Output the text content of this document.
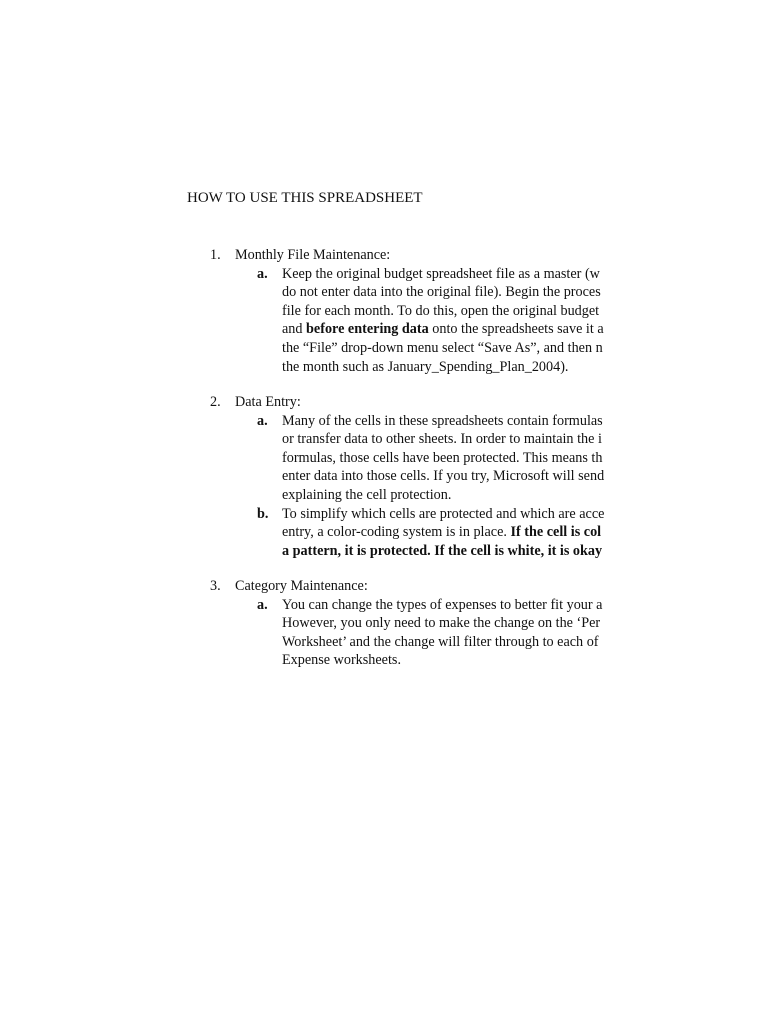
HOW TO USE THIS SPREADSHEET
1. Monthly File Maintenance:
a. Keep the original budget spreadsheet file as a master (w
do not enter data into the original file). Begin the proces
file for each month. To do this, open the original budget
and before entering data onto the spreadsheets save it a
the “File” drop-down menu select “Save As”, and then n
the month such as January_Spending_Plan_2004).
2. Data Entry:
a. Many of the cells in these spreadsheets contain formulas
or transfer data to other sheets. In order to maintain the i
formulas, those cells have been protected. This means th
enter data into those cells. If you try, Microsoft will send
explaining the cell protection.
b. To simplify which cells are protected and which are acce
entry, a color-coding system is in place. If the cell is col
a pattern, it is protected. If the cell is white, it is okay
3. Category Maintenance:
a. You can change the types of expenses to better fit your a
However, you only need to make the change on the ‘Per
Worksheet’ and the change will filter through to each of
Expense worksheets.
